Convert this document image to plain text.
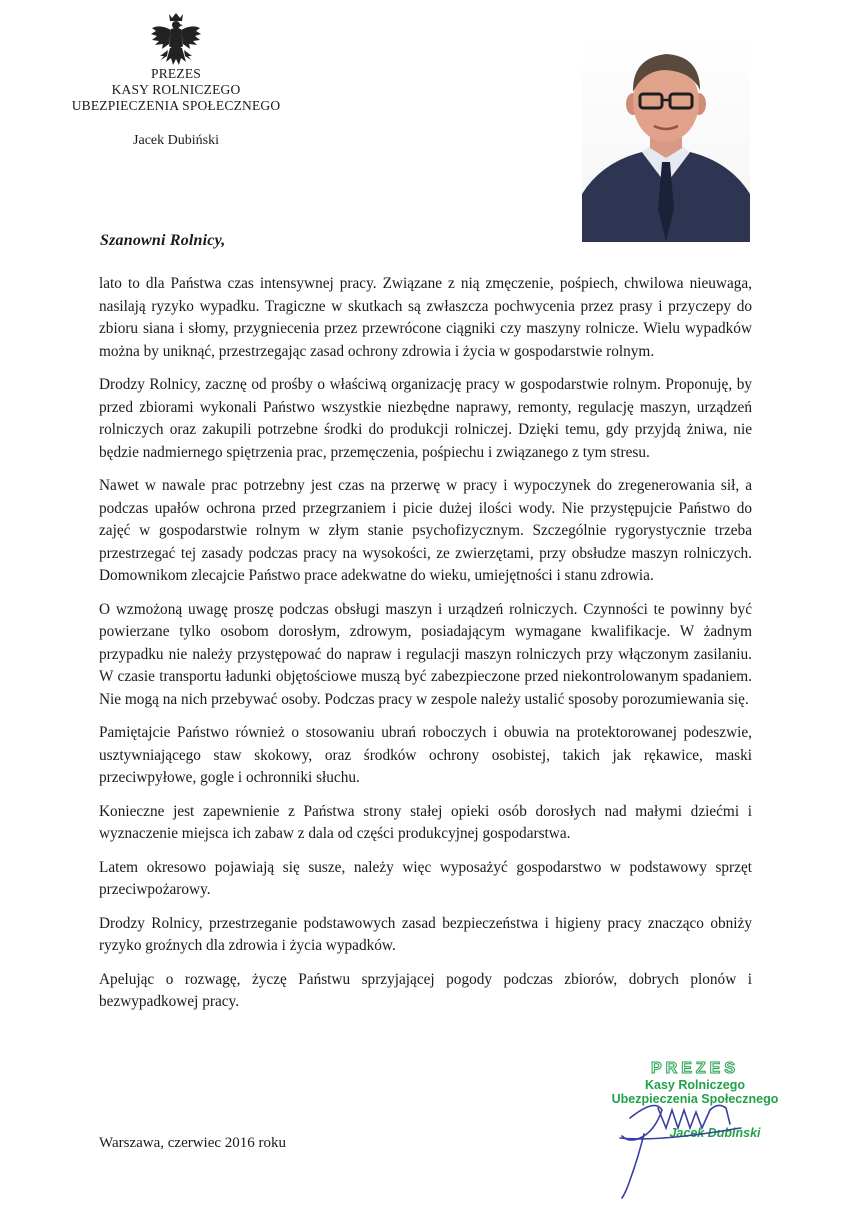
PREZES
KASY ROLNICZEGO
UBEZPIECZENIA SPOŁECZNEGO
Jacek Dubiński
Szanowni Rolnicy,

lato to dla Państwa czas intensywnej pracy. Związane z nią zmęczenie, pośpiech, chwilowa nieuwaga, nasilają ryzyko wypadku. Tragiczne w skutkach są zwłaszcza pochwycenia przez prasy i przyczepy do zbioru siana i słomy, przygniecenia przez przewrócone ciągniki czy maszyny rolnicze. Wielu wypadków można by uniknąć, przestrzegając zasad ochrony zdrowia i życia w gospodarstwie rolnym.

Drodzy Rolnicy, zacznę od prośby o właściwą organizację pracy w gospodarstwie rolnym. Proponuję, by przed zbiorami wykonali Państwo wszystkie niezbędne naprawy, remonty, regulację maszyn, urządzeń rolniczych oraz zakupili potrzebne środki do produkcji rolniczej. Dzięki temu, gdy przyjdą żniwa, nie będzie nadmiernego spiętrzenia prac, przemęczenia, pośpiechu i związanego z tym stresu.

Nawet w nawale prac potrzebny jest czas na przerwę w pracy i wypoczynek do zregenerowania sił, a podczas upałów ochrona przed przegrzaniem i picie dużej ilości wody. Nie przystępujcie Państwo do zajęć w gospodarstwie rolnym w złym stanie psychofizycznym. Szczególnie rygorystycznie trzeba przestrzegać tej zasady podczas pracy na wysokości, ze zwierzętami, przy obsłudze maszyn rolniczych. Domownikom zlecajcie Państwo prace adekwatne do wieku, umiejętności i stanu zdrowia.

O wzmożoną uwagę proszę podczas obsługi maszyn i urządzeń rolniczych. Czynności te powinny być powierzane tylko osobom dorosłym, zdrowym, posiadającym wymagane kwalifikacje. W żadnym przypadku nie należy przystępować do napraw i regulacji maszyn rolniczych przy włączonym zasilaniu. W czasie transportu ładunki objętościowe muszą być zabezpieczone przed niekontrolowanym spadaniem. Nie mogą na nich przebywać osoby. Podczas pracy w zespole należy ustalić sposoby porozumiewania się.

Pamiętajcie Państwo również o stosowaniu ubrań roboczych i obuwia na protektorowanej podeszwie, usztywniającego staw skokowy, oraz środków ochrony osobistej, takich jak rękawice, maski przeciwpyłowe, gogle i ochronniki słuchu.

Konieczne jest zapewnienie z Państwa strony stałej opieki osób dorosłych nad małymi dziećmi i wyznaczenie miejsca ich zabaw z dala od części produkcyjnej gospodarstwa.

Latem okresowo pojawiają się susze, należy więc wyposażyć gospodarstwo w podstawowy sprzęt przeciwpożarowy.

Drodzy Rolnicy, przestrzeganie podstawowych zasad bezpieczeństwa i higieny pracy znacząco obniży ryzyko groźnych dla zdrowia i życia wypadków.

Apelując o rozwagę, życzę Państwu sprzyjającej pogody podczas zbiorów, dobrych plonów i bezwypadkowej pracy.

Warszawa, czerwiec 2016 roku
PREZES
Kasy Rolniczego
Ubezpieczenia Społecznego
Jacek Dubiński
